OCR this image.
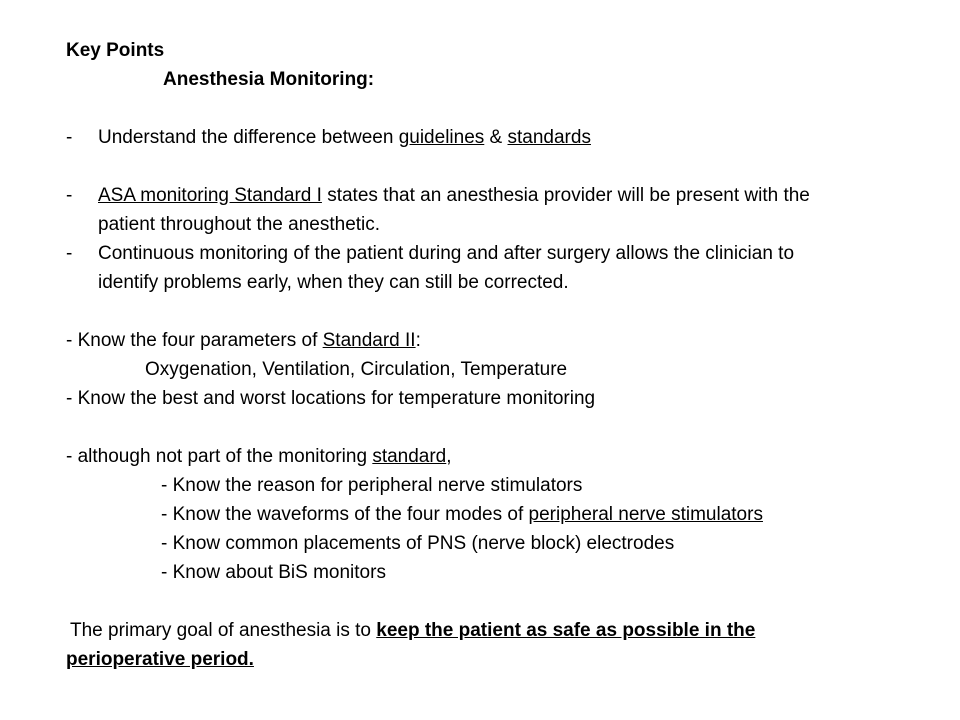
Key Points
Anesthesia Monitoring:
- Understand the difference between guidelines & standards
- ASA monitoring Standard I states that an anesthesia provider will be present with the
patient throughout the anesthetic.
- Continuous monitoring of the patient during and after surgery allows the clinician to
identify problems early, when they can still be corrected.
- Know the four parameters of Standard II:
Oxygenation, Ventilation, Circulation, Temperature
- Know the best and worst locations for temperature monitoring
- although not part of the monitoring standard,
- Know the reason for peripheral nerve stimulators
- Know the waveforms of the four modes of peripheral nerve stimulators
- Know common placements of PNS (nerve block) electrodes
- Know about BiS monitors
The primary goal of anesthesia is to keep the patient as safe as possible in the
perioperative period.
